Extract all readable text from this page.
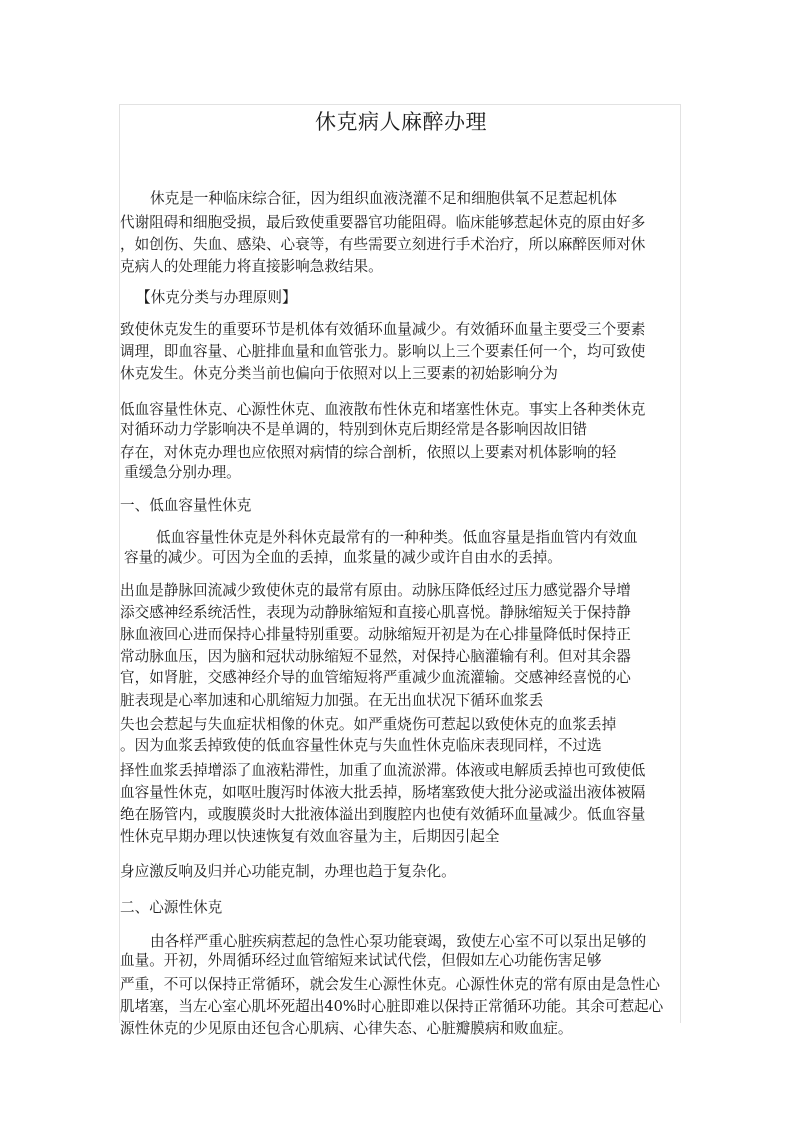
休克病人麻醉办理
休克是一种临床综合征，因为组织血液浇灌不足和细胞供氧不足惹起机体
代谢阻碍和细胞受损，最后致使重要器官功能阻碍。临床能够惹起休克的原由好多
，如创伤、失血、感染、心衰等，有些需要立刻进行手术治疗，所以麻醉医师对休
克病人的处理能力将直接影响急救结果。
【休克分类与办理原则】
致使休克发生的重要环节是机体有效循环血量减少。有效循环血量主要受三个要素
调理，即血容量、心脏排血量和血管张力。影响以上三个要素任何一个，均可致使
休克发生。休克分类当前也偏向于依照对以上三要素的初始影响分为
低血容量性休克、心源性休克、血液散布性休克和堵塞性休克。事实上各种类休克
对循环动力学影响决不是单调的，特别到休克后期经常是各影响因故旧错
存在，对休克办理也应依照对病情的综合剖析，依照以上要素对机体影响的轻
重缓急分别办理。
一、低血容量性休克
低血容量性休克是外科休克最常有的一种种类。低血容量是指血管内有效血
容量的减少。可因为全血的丢掉，血浆量的减少或许自由水的丢掉。
出血是静脉回流减少致使休克的最常有原由。动脉压降低经过压力感觉器介导增
添交感神经系统活性，表现为动静脉缩短和直接心肌喜悦。静脉缩短关于保持静
脉血液回心进而保持心排量特别重要。动脉缩短开初是为在心排量降低时保持正
常动脉血压，因为脑和冠状动脉缩短不显然，对保持心脑灌输有利。但对其余器
官，如肾脏，交感神经介导的血管缩短将严重减少血流灌输。交感神经喜悦的心
脏表现是心率加速和心肌缩短力加强。在无出血状况下循环血浆丢
失也会惹起与失血症状相像的休克。如严重烧伤可惹起以致使休克的血浆丢掉
。因为血浆丢掉致使的低血容量性休克与失血性休克临床表现同样，不过选
择性血浆丢掉增添了血液粘滞性，加重了血流淤滞。体液或电解质丢掉也可致使低
血容量性休克，如呕吐腹泻时体液大批丢掉，肠堵塞致使大批分泌或溢出液体被隔
绝在肠管内，或腹膜炎时大批液体溢出到腹腔内也使有效循环血量减少。低血容量
性休克早期办理以快速恢复有效血容量为主，后期因引起全
身应激反响及归并心功能克制，办理也趋于复杂化。
二、心源性休克
由各样严重心脏疾病惹起的急性心泵功能衰竭，致使左心室不可以泵出足够的
血量。开初，外周循环经过血管缩短来试试代偿，但假如左心功能伤害足够
严重，不可以保持正常循环，就会发生心源性休克。心源性休克的常有原由是急性心
肌堵塞，当左心室心肌坏死超出40%时心脏即难以保持正常循环功能。其余可惹起心
源性休克的少见原由还包含心肌病、心律失态、心脏瓣膜病和败血症。
